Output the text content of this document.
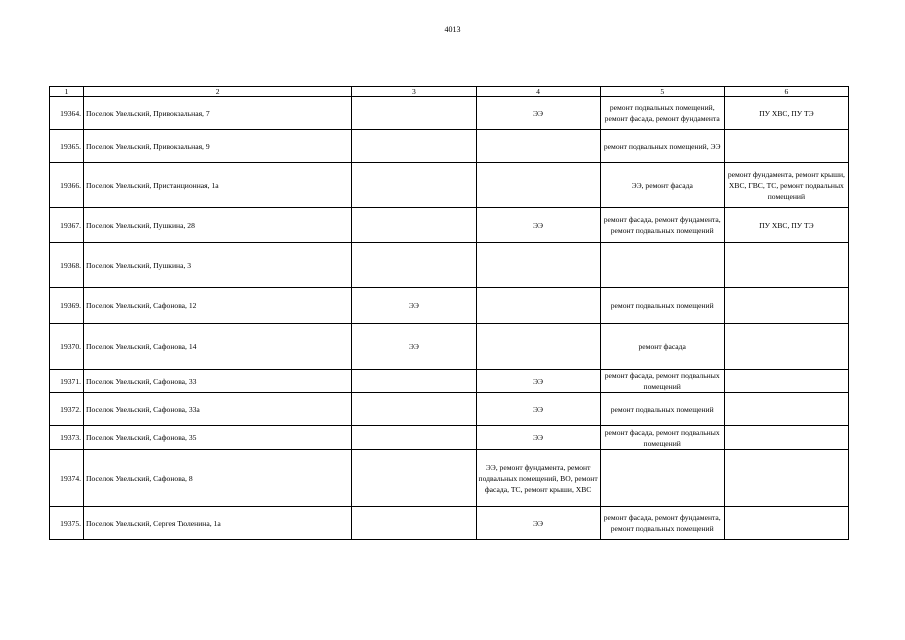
4013
1	2	3	4	5	6
19364.	Поселок Увельский, Привокзальная, 7		ЭЭ	ремонт подвальных помещений, ремонт фасада, ремонт фундамента	ПУ ХВС, ПУ ТЭ
19365.	Поселок Увельский, Привокзальная, 9			ремонт подвальных помещений, ЭЭ	
19366.	Поселок Увельский, Пристанционная, 1а			ЭЭ, ремонт фасада	ремонт фундамента, ремонт крыши, ХВС, ГВС, ТС, ремонт подвальных помещений
19367.	Поселок Увельский, Пушкина, 28		ЭЭ	ремонт фасада, ремонт фундамента, ремонт подвальных помещений	ПУ ХВС, ПУ ТЭ
19368.	Поселок Увельский, Пушкина, 3				
19369.	Поселок Увельский, Сафонова, 12	ЭЭ		ремонт подвальных помещений	
19370.	Поселок Увельский, Сафонова, 14	ЭЭ		ремонт фасада	
19371.	Поселок Увельский, Сафонова, 33		ЭЭ	ремонт фасада, ремонт подвальных помещений	
19372.	Поселок Увельский, Сафонова, 33а		ЭЭ	ремонт подвальных помещений	
19373.	Поселок Увельский, Сафонова, 35		ЭЭ	ремонт фасада, ремонт подвальных помещений	
19374.	Поселок Увельский, Сафонова, 8		ЭЭ, ремонт фундамента, ремонт подвальных помещений, ВО, ремонт фасада, ТС, ремонт крыши, ХВС		
19375.	Поселок Увельский, Сергея Тюленина, 1а		ЭЭ	ремонт фасада, ремонт фундамента, ремонт подвальных помещений	
